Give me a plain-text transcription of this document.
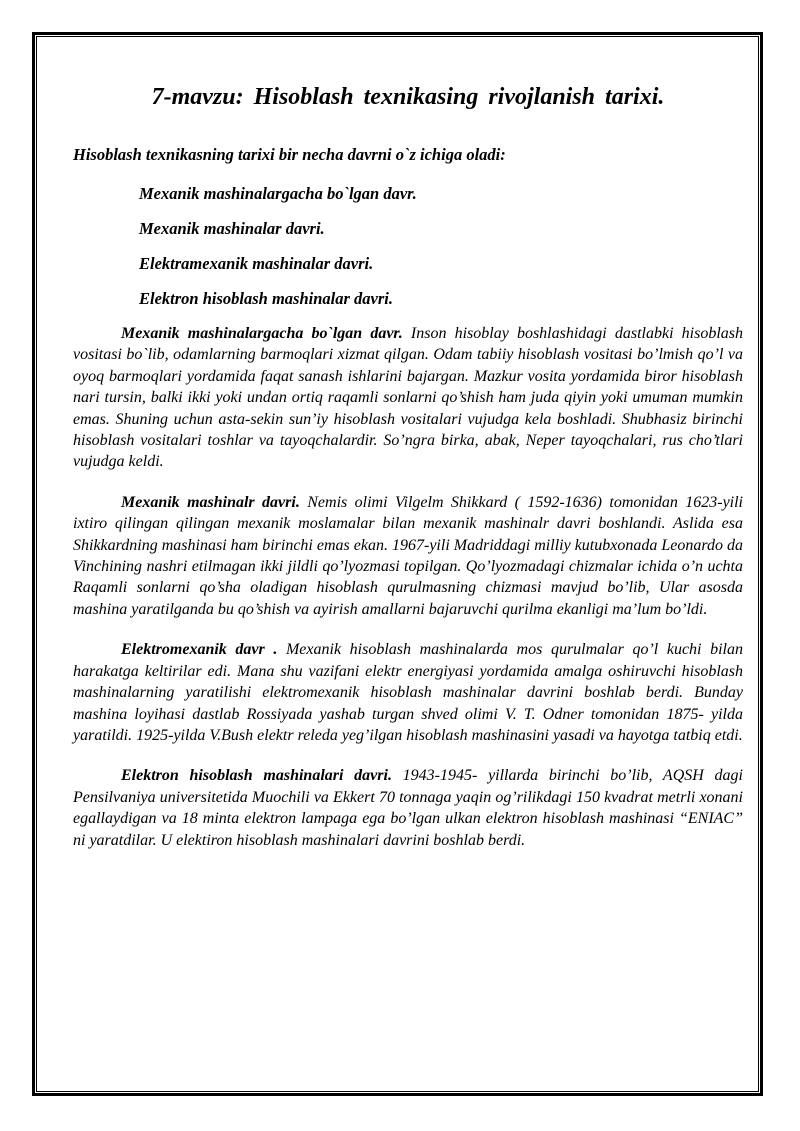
7-mavzu: Hisoblash texnikasing rivojlanish tarixi.

Hisoblash texnikasning tarixi bir necha davrni o`z ichiga oladi:

Mexanik mashinalargacha bo`lgan davr.
Mexanik mashinalar davri.
Elektramexanik mashinalar davri.
Elektron hisoblash mashinalar davri.

Mexanik mashinalargacha bo`lgan davr. Inson hisoblay boshlashidagi dastlabki hisoblash vositasi bo`lib, odamlarning barmoqlari xizmat qilgan. Odam tabiiy hisoblash vositasi bo’lmish qo’l va oyoq barmoqlari yordamida faqat sanash ishlarini bajargan. Mazkur vosita yordamida biror hisoblash nari tursin, balki ikki yoki undan ortiq raqamli sonlarni qo’shish ham juda qiyin yoki umuman mumkin emas. Shuning uchun asta-sekin sun’iy hisoblash vositalari vujudga kela boshladi. Shubhasiz birinchi hisoblash vositalari toshlar va tayoqchalardir. So’ngra birka, abak, Neper tayoqchalari, rus cho’tlari vujudga keldi.

Mexanik mashinalr davri. Nemis olimi Vilgelm Shikkard ( 1592-1636) tomonidan 1623-yili ixtiro qilingan qilingan mexanik moslamalar bilan mexanik mashinalr davri boshlandi. Aslida esa Shikkardning mashinasi ham birinchi emas ekan. 1967-yili Madriddagi milliy kutubxonada Leonardo da Vinchining nashri etilmagan ikki jildli qo’lyozmasi topilgan. Qo’lyozmadagi chizmalar ichida o’n uchta Raqamli sonlarni qo’sha oladigan hisoblash qurulmasning chizmasi mavjud bo’lib, Ular asosda mashina yaratilganda bu qo’shish va ayirish amallarni bajaruvchi qurilma ekanligi ma’lum bo’ldi.

Elektromexanik davr . Mexanik hisoblash mashinalarda mos qurulmalar qo’l kuchi bilan harakatga keltirilar edi. Mana shu vazifani elektr energiyasi yordamida amalga oshiruvchi hisoblash mashinalarning yaratilishi elektromexanik hisoblash mashinalar davrini boshlab berdi. Bunday mashina loyihasi dastlab Rossiyada yashab turgan shved olimi V. T. Odner tomonidan 1875- yilda yaratildi. 1925-yilda V.Bush elektr releda yeg’ilgan hisoblash mashinasini yasadi va hayotga tatbiq etdi.

Elektron hisoblash mashinalari davri. 1943-1945- yillarda birinchi bo’lib, AQSH dagi Pensilvaniya universitetida Muochili va Ekkert 70 tonnaga yaqin og’rilikdagi 150 kvadrat metrli xonani egallaydigan va 18 minta elektron lampaga ega bo’lgan ulkan elektron hisoblash mashinasi “ENIAC” ni yaratdilar. U elektiron hisoblash mashinalari davrini boshlab berdi.
